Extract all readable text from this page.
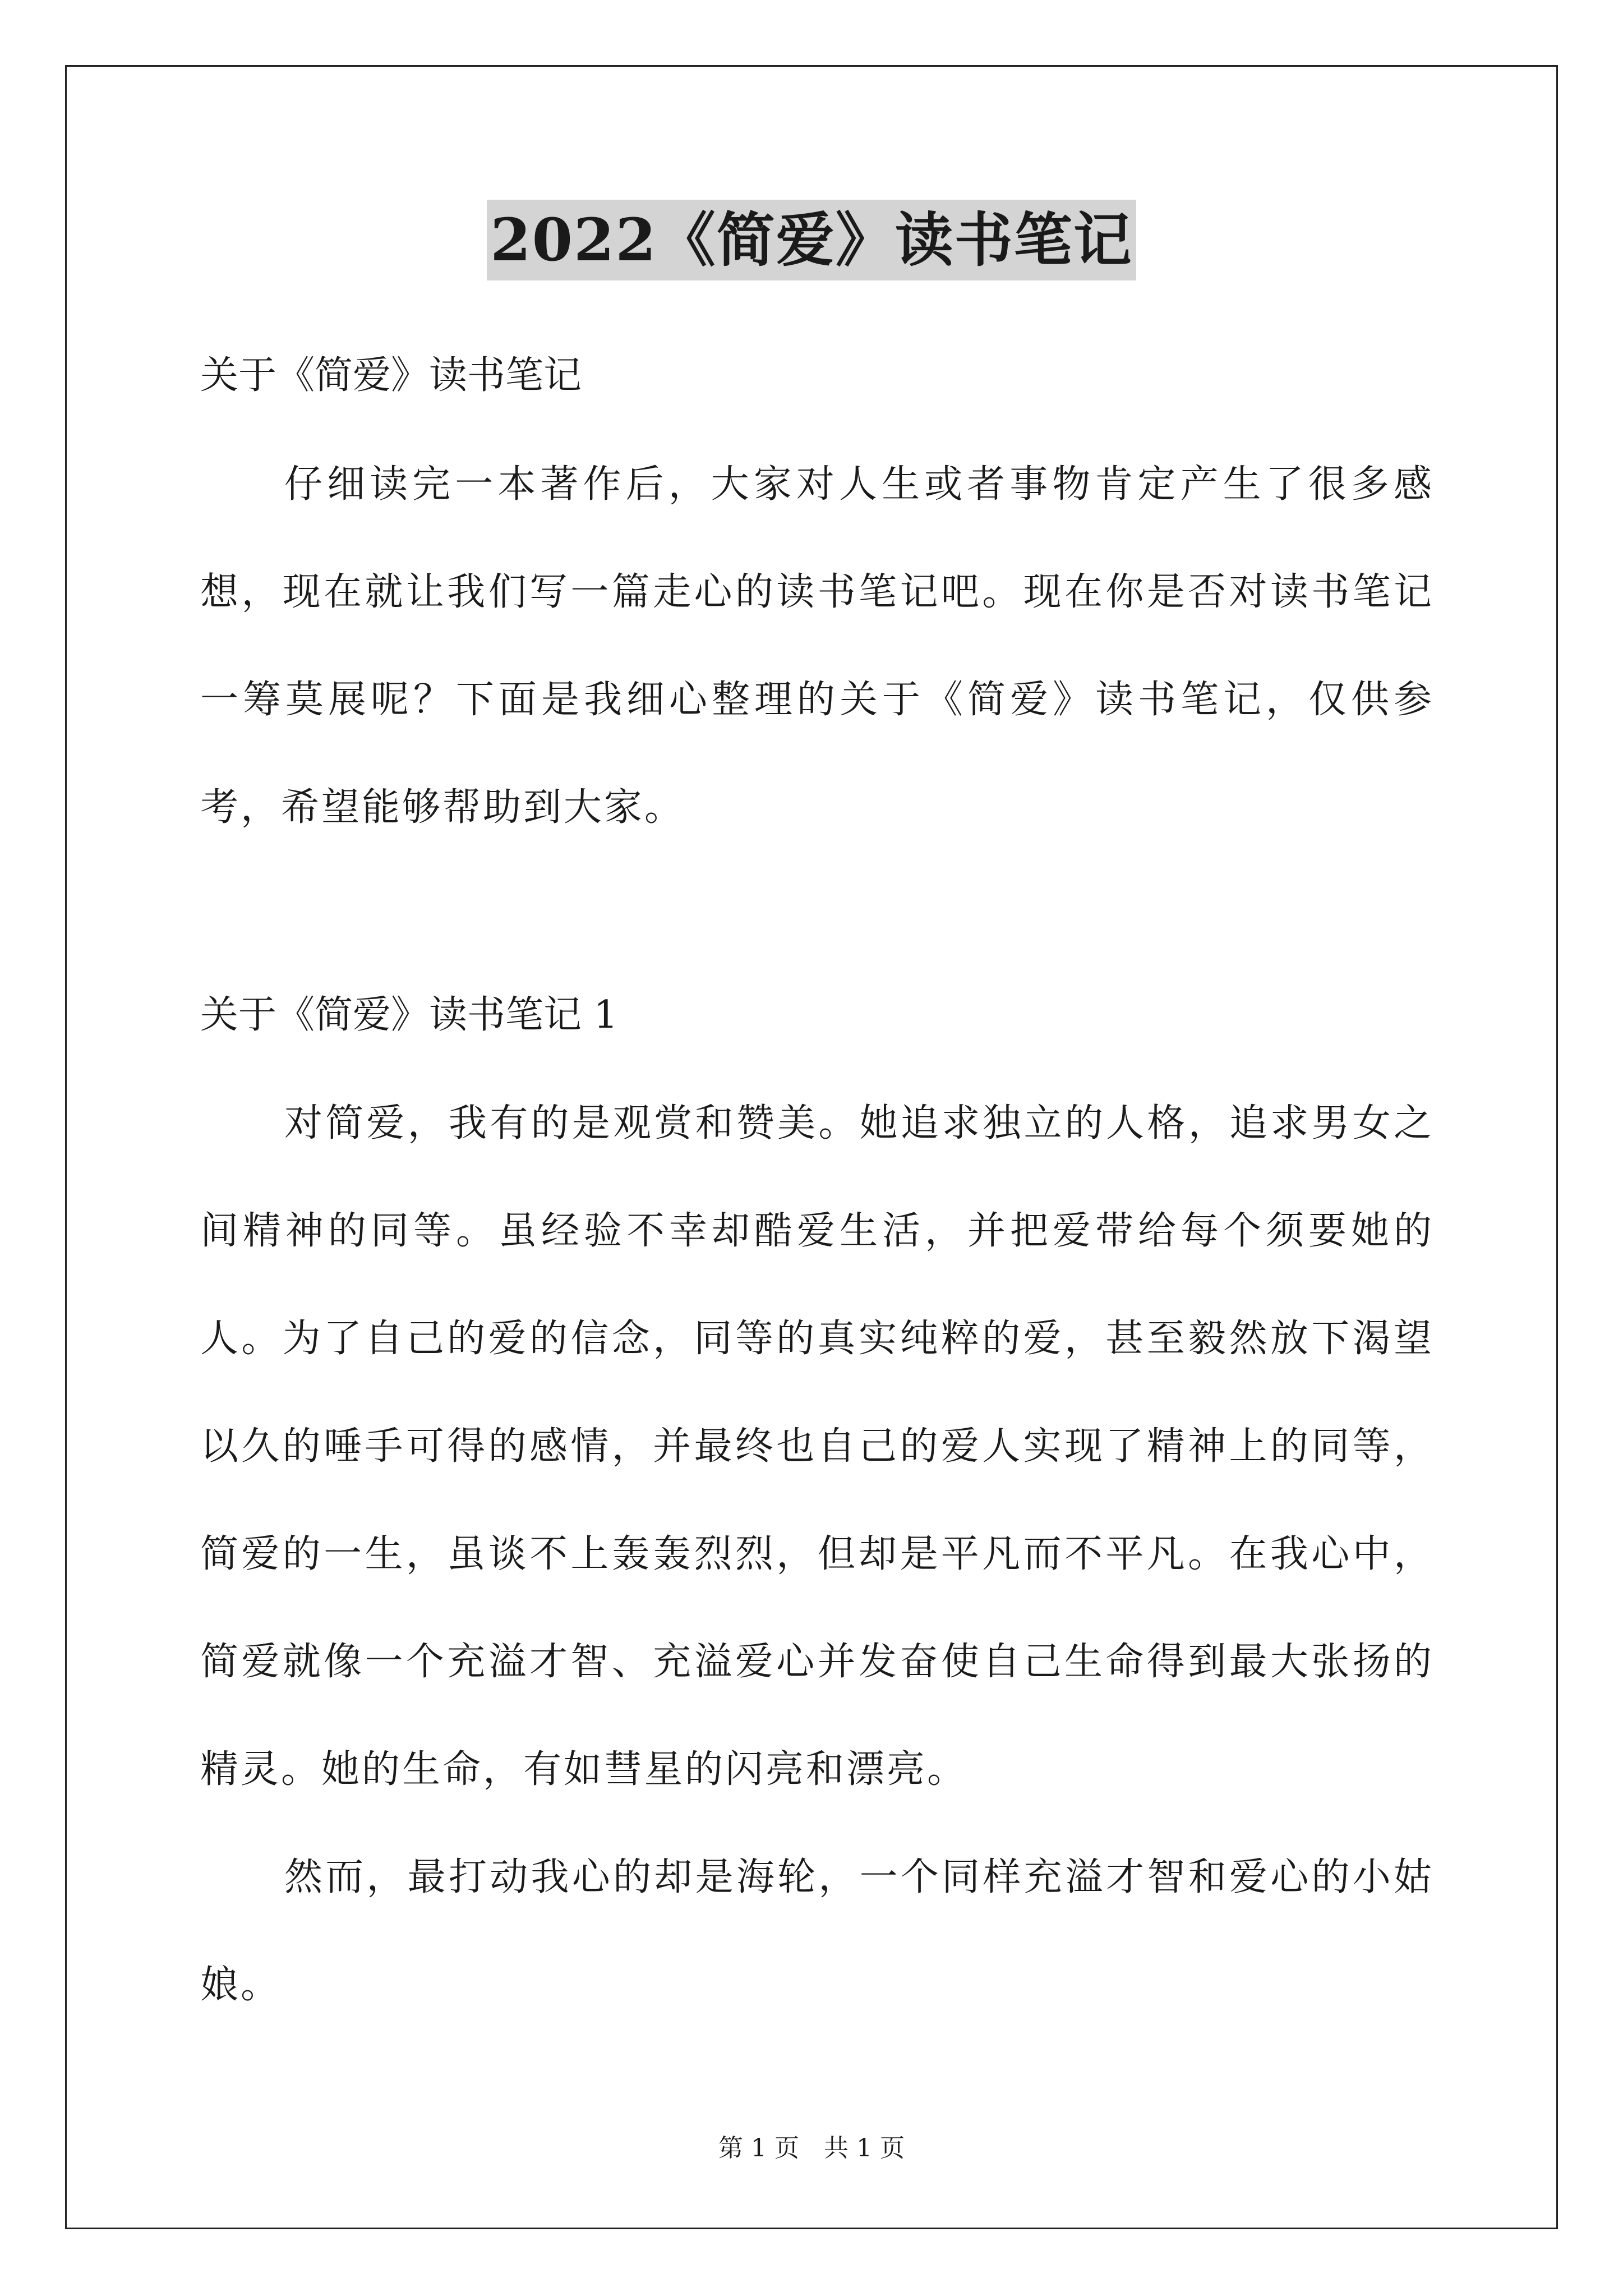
2022《简爱》读书笔记
关于《简爱》读书笔记

仔细读完一本著作后，大家对人生或者事物肯定产生了很多感想，现在就让我们写一篇走心的读书笔记吧。现在你是否对读书笔记一筹莫展呢？下面是我细心整理的关于《简爱》读书笔记，仅供参考，希望能够帮助到大家。

关于《简爱》读书笔记 1

对简爱，我有的是观赏和赞美。她追求独立的人格，追求男女之间精神的同等。虽经验不幸却酷爱生活，并把爱带给每个须要她的人。为了自己的爱的信念，同等的真实纯粹的爱，甚至毅然放下渴望以久的唾手可得的感情，并最终也自己的爱人实现了精神上的同等，简爱的一生，虽谈不上轰轰烈烈，但却是平凡而不平凡。在我心中，简爱就像一个充溢才智、充溢爱心并发奋使自己生命得到最大张扬的精灵。她的生命，有如彗星的闪亮和漂亮。

然而，最打动我心的却是海轮，一个同样充溢才智和爱心的小姑娘。

第 1 页　共 1 页
